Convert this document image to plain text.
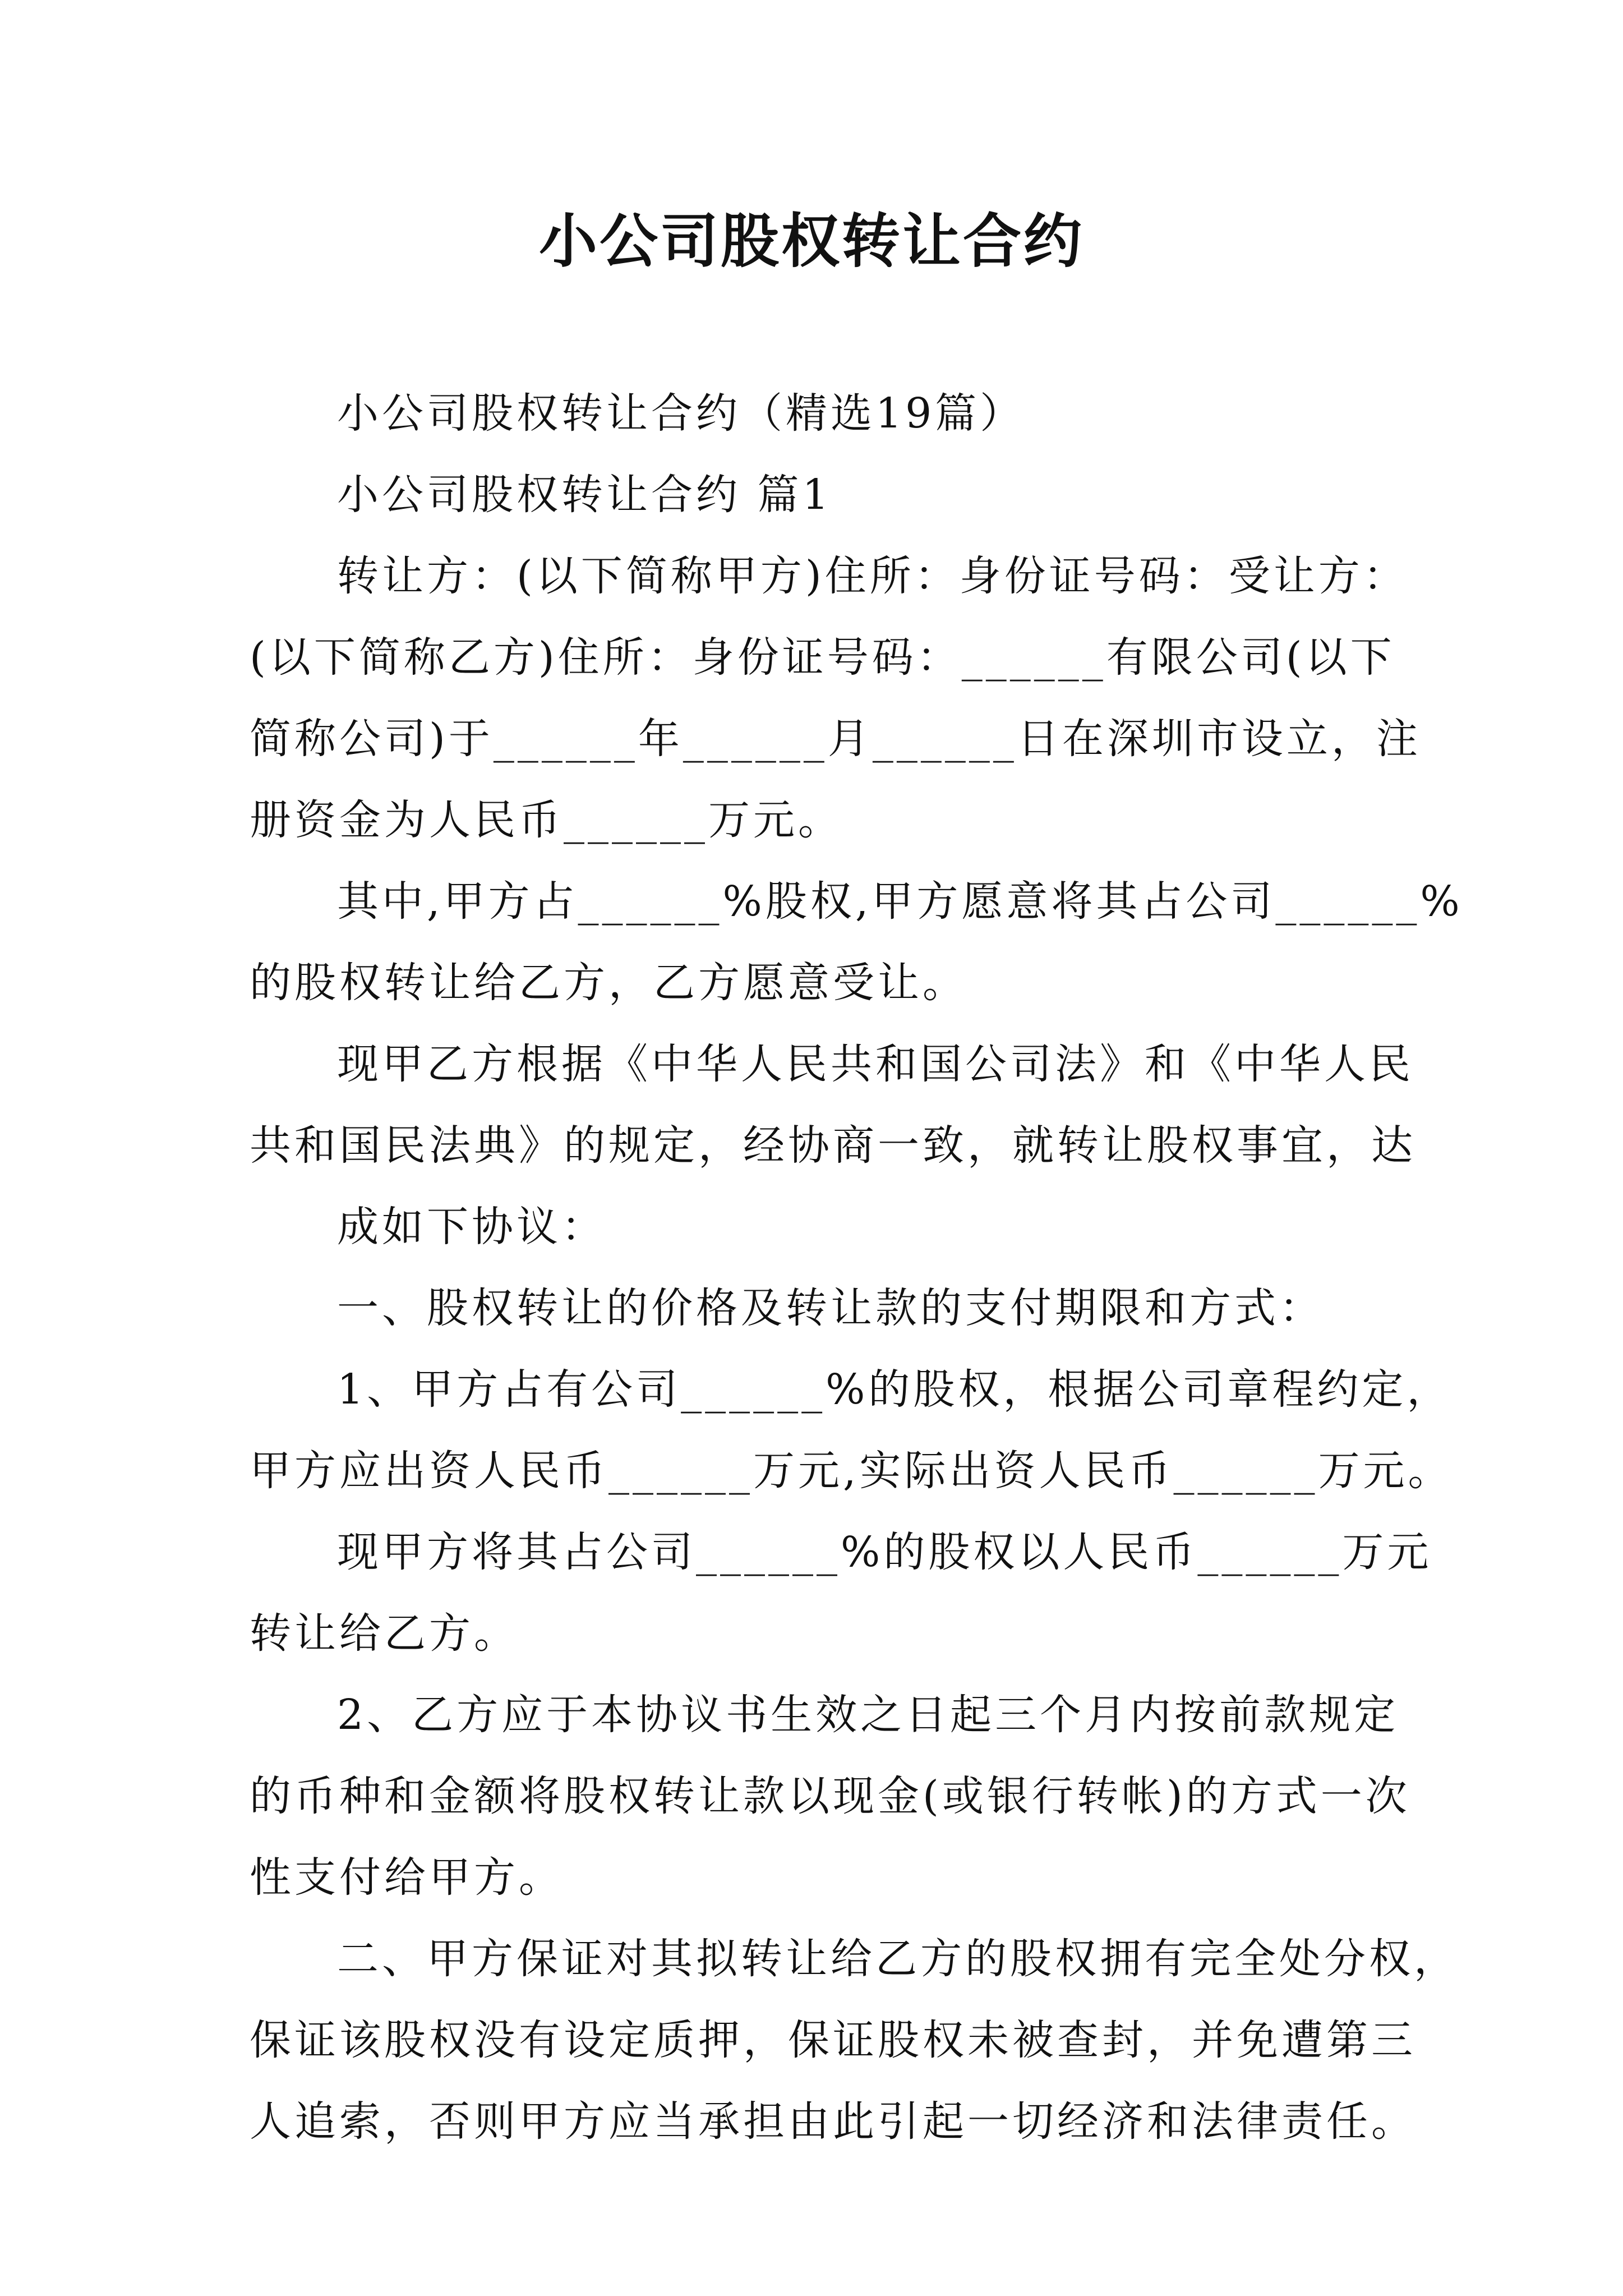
小公司股权转让合约

小公司股权转让合约（精选19篇）

小公司股权转让合约 篇1

转让方：(以下简称甲方)住所：身份证号码：受让方：
(以下简称乙方)住所：身份证号码：______有限公司(以下
简称公司)于______年______月______日在深圳市设立，注
册资金为人民币______万元。

其中,甲方占______%股权,甲方愿意将其占公司______%
的股权转让给乙方，乙方愿意受让。

现甲乙方根据《中华人民共和国公司法》和《中华人民
共和国民法典》的规定，经协商一致，就转让股权事宜，达

成如下协议：

一、股权转让的价格及转让款的支付期限和方式：

1、甲方占有公司______%的股权，根据公司章程约定，
甲方应出资人民币______万元,实际出资人民币______万元。

现甲方将其占公司______%的股权以人民币______万元
转让给乙方。

2、乙方应于本协议书生效之日起三个月内按前款规定
的币种和金额将股权转让款以现金(或银行转帐)的方式一次
性支付给甲方。

二、甲方保证对其拟转让给乙方的股权拥有完全处分权，
保证该股权没有设定质押，保证股权未被查封，并免遭第三
人追索，否则甲方应当承担由此引起一切经济和法律责任。
